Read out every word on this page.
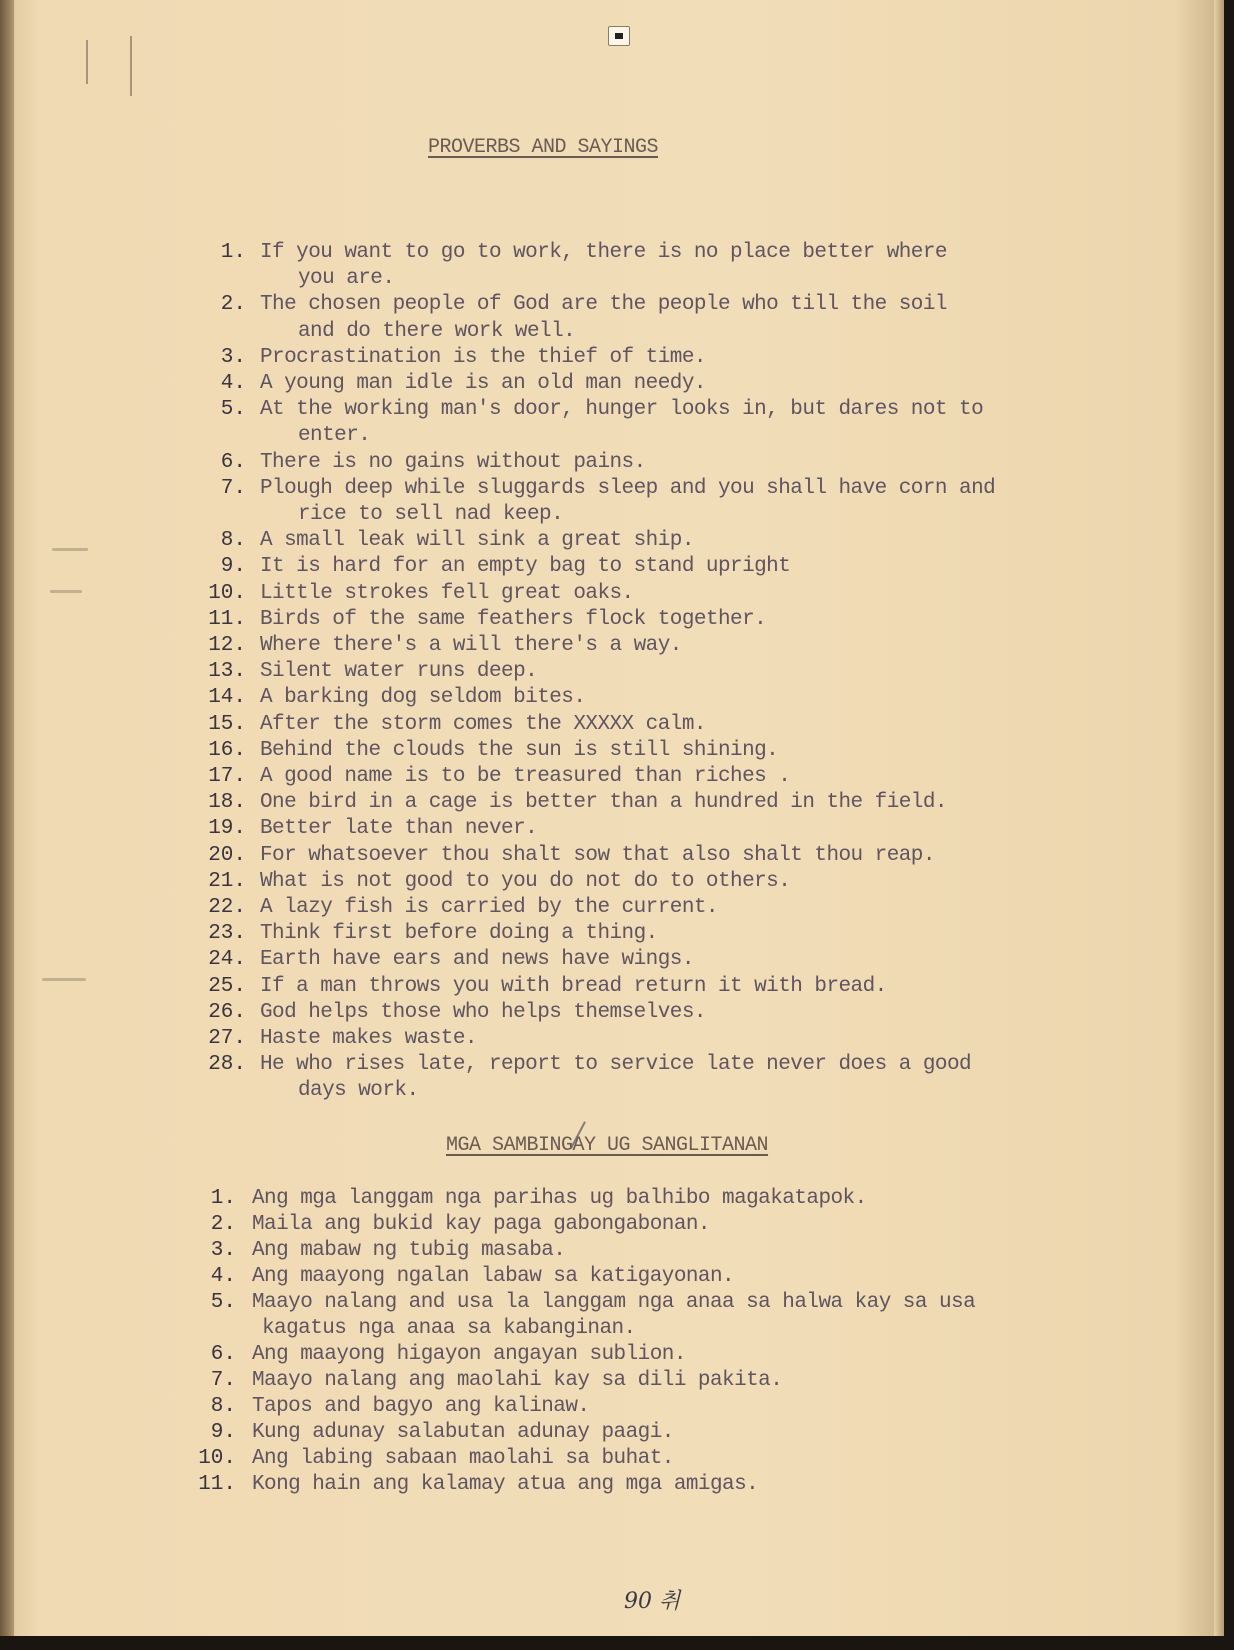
PROVERBS AND SAYINGS
1. If you want to go to work, there is no place better where
you are.
2. The chosen people of God are the people who till the soil
and do there work well.
3. Procrastination is the thief of time.
4. A young man idle is an old man needy.
5. At the working man's door, hunger looks in, but dares not to
enter.
6. There is no gains without pains.
7. Plough deep while sluggards sleep and you shall have corn and
rice to sell nad keep.
8. A small leak will sink a great ship.
9. It is hard for an empty bag to stand upright
10. Little strokes fell great oaks.
11. Birds of the same feathers flock together.
12. Where there's a will there's a way.
13. Silent water runs deep.
14. A barking dog seldom bites.
15. After the storm comes the XXXXX calm.
16. Behind the clouds the sun is still shining.
17. A good name is to be treasured than riches .
18. One bird in a cage is better than a hundred in the field.
19. Better late than never.
20. For whatsoever thou shalt sow that also shalt thou reap.
21. What is not good to you do not do to others.
22. A lazy fish is carried by the current.
23. Think first before doing a thing.
24. Earth have ears and news have wings.
25. If a man throws you with bread return it with bread.
26. God helps those who helps themselves.
27. Haste makes waste.
28. He who rises late, report to service late never does a good
days work.
MGA SAMBINGAY UG SANGLITANAN
1. Ang mga langgam nga parihas ug balhibo magakatapok.
2. Maila ang bukid kay paga gabongabonan.
3. Ang mabaw ng tubig masaba.
4. Ang maayong ngalan labaw sa katigayonan.
5. Maayo nalang and usa la langgam nga anaa sa halwa kay sa usa
kagatus nga anaa sa kabanginan.
6. Ang maayong higayon angayan sublion.
7. Maayo nalang ang maolahi kay sa dili pakita.
8. Tapos and bagyo ang kalinaw.
9. Kung adunay salabutan adunay paagi.
10. Ang labing sabaan maolahi sa buhat.
11. Kong hain ang kalamay atua ang mga amigas.
90 취
